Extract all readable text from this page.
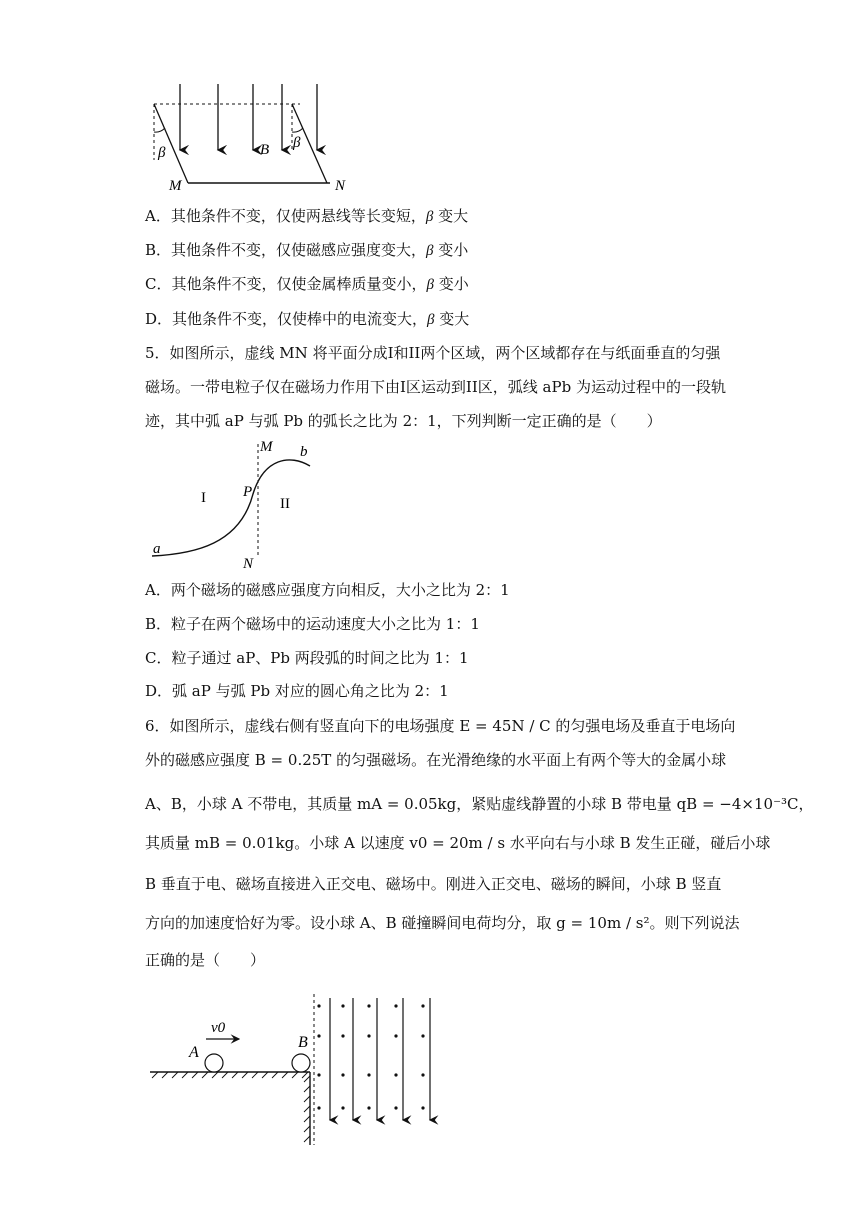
β	B β
M	N
A．其他条件不变，仅使两悬线等长变短，β 变大
B．其他条件不变，仅使磁感应强度变大，β 变小
C．其他条件不变，仅使金属棒质量变小，β 变小
D．其他条件不变，仅使棒中的电流变大，β 变大
5．如图所示，虚线 MN 将平面分成I和II两个区域，两个区域都存在与纸面垂直的匀强
磁场。一带电粒子仅在磁场力作用下由I区运动到II区，弧线 aPb 为运动过程中的一段轨
迹，其中弧 aP 与弧 Pb 的弧长之比为 2：1，下列判断一定正确的是（　　）
M b
I P
II
a
N
A．两个磁场的磁感应强度方向相反，大小之比为 2：1
B．粒子在两个磁场中的运动速度大小之比为 1：1
C．粒子通过 aP、Pb 两段弧的时间之比为 1：1
D．弧 aP 与弧 Pb 对应的圆心角之比为 2：1
6．如图所示，虚线右侧有竖直向下的电场强度 E = 45N / C 的匀强电场及垂直于电场向
外的磁感应强度 B = 0.25T 的匀强磁场。在光滑绝缘的水平面上有两个等大的金属小球
A、B，小球 A 不带电，其质量 mA = 0.05kg，紧贴虚线静置的小球 B 带电量 qB = −4×10⁻³C，
其质量 mB = 0.01kg。小球 A 以速度 v0 = 20m / s 水平向右与小球 B 发生正碰，碰后小球
B 垂直于电、磁场直接进入正交电、磁场中。刚进入正交电、磁场的瞬间，小球 B 竖直
方向的加速度恰好为零。设小球 A、B 碰撞瞬间电荷均分，取 g = 10m / s²。则下列说法
正确的是（　　）
A
B
v0
